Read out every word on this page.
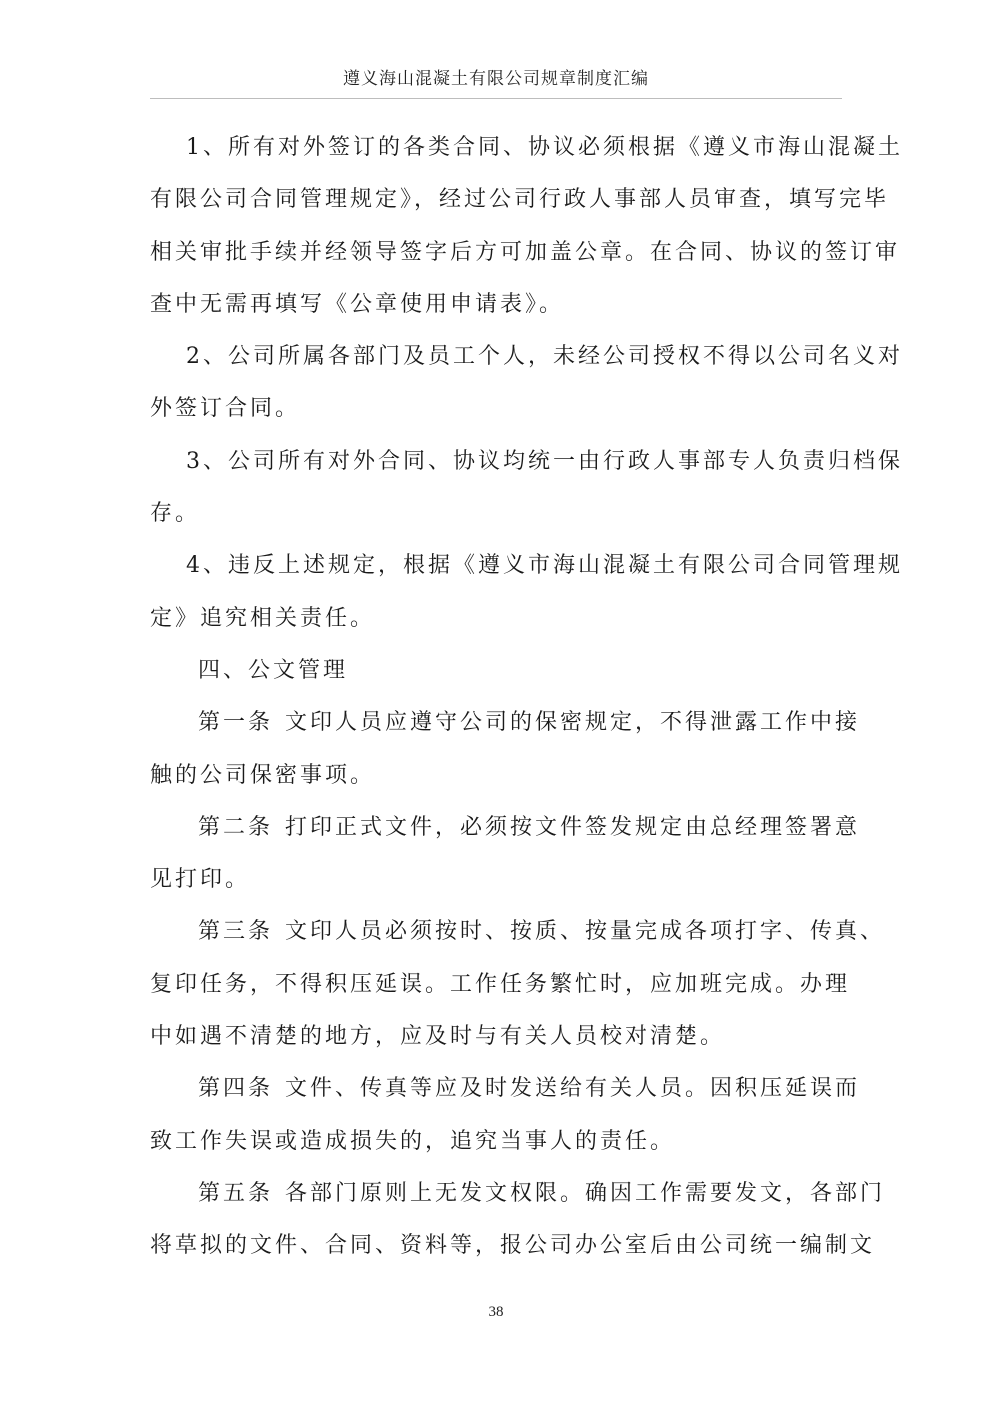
遵义海山混凝土有限公司规章制度汇编
1、所有对外签订的各类合同、协议必须根据《遵义市海山混凝土
有限公司合同管理规定》，经过公司行政人事部人员审查，填写完毕
相关审批手续并经领导签字后方可加盖公章。在合同、协议的签订审
查中无需再填写《公章使用申请表》。
2、公司所属各部门及员工个人，未经公司授权不得以公司名义对
外签订合同。
3、公司所有对外合同、协议均统一由行政人事部专人负责归档保
存。
4、违反上述规定，根据《遵义市海山混凝土有限公司合同管理规
定》追究相关责任。
四、公文管理
第一条 文印人员应遵守公司的保密规定，不得泄露工作中接
触的公司保密事项。
第二条 打印正式文件，必须按文件签发规定由总经理签署意
见打印。
第三条 文印人员必须按时、按质、按量完成各项打字、传真、
复印任务，不得积压延误。工作任务繁忙时，应加班完成。办理
中如遇不清楚的地方，应及时与有关人员校对清楚。
第四条 文件、传真等应及时发送给有关人员。因积压延误而
致工作失误或造成损失的，追究当事人的责任。
第五条 各部门原则上无发文权限。确因工作需要发文，各部门
将草拟的文件、合同、资料等，报公司办公室后由公司统一编制文
38
